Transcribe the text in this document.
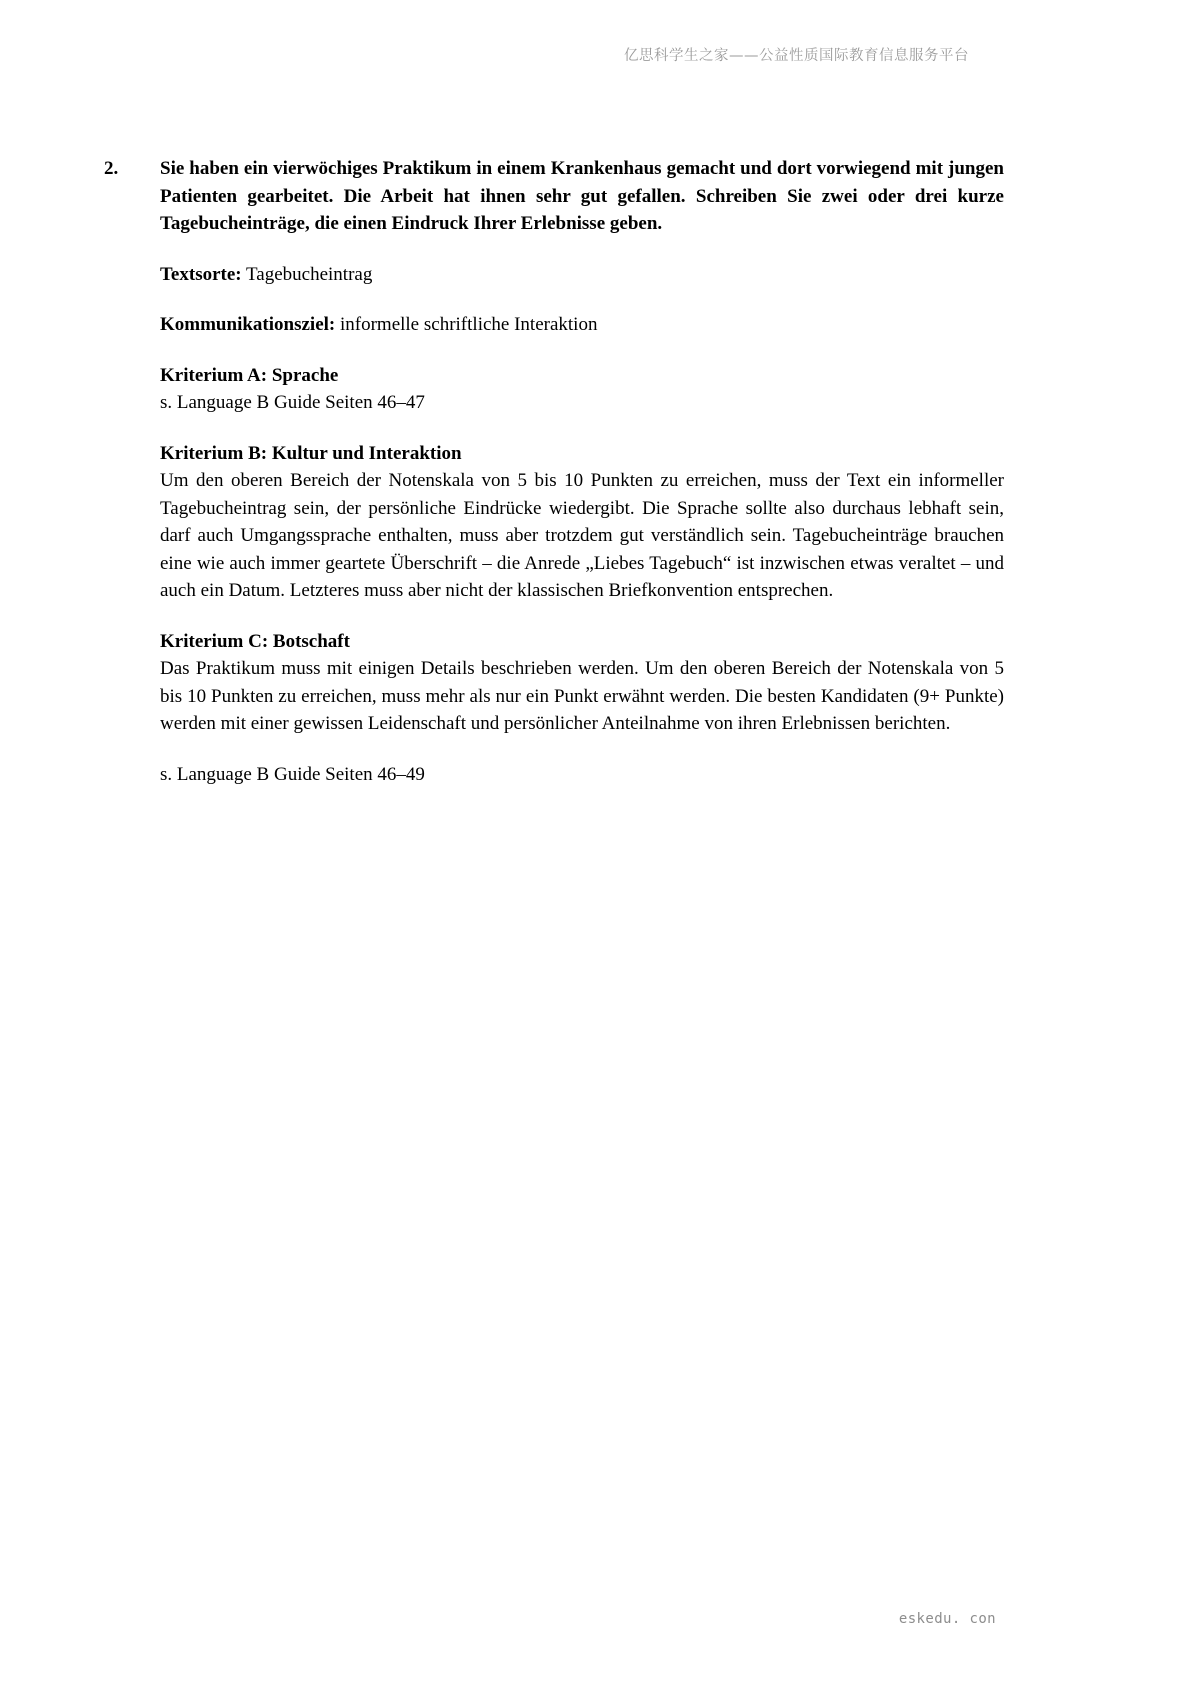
亿思科学生之家——公益性质国际教育信息服务平台
2.	Sie haben ein vierwöchiges Praktikum in einem Krankenhaus gemacht und dort vorwiegend mit jungen Patienten gearbeitet. Die Arbeit hat ihnen sehr gut gefallen. Schreiben Sie zwei oder drei kurze Tagebucheinträge, die einen Eindruck Ihrer Erlebnisse geben.

Textsorte: Tagebucheintrag
Kommunikationsziel: informelle schriftliche Interaktion

Kriterium A: Sprache

s. Language B Guide Seiten 46–47

Kriterium B: Kultur und Interaktion

Um den oberen Bereich der Notenskala von 5 bis 10 Punkten zu erreichen, muss der Text ein informeller Tagebucheintrag sein, der persönliche Eindrücke wiedergibt. Die Sprache sollte also durchaus lebhaft sein, darf auch Umgangssprache enthalten, muss aber trotzdem gut verständlich sein. Tagebucheinträge brauchen eine wie auch immer geartete Überschrift – die Anrede „Liebes Tagebuch“ ist inzwischen etwas veraltet – und auch ein Datum. Letzteres muss aber nicht der klassischen Briefkonvention entsprechen.

Kriterium C: Botschaft

Das Praktikum muss mit einigen Details beschrieben werden. Um den oberen Bereich der Notenskala von 5 bis 10 Punkten zu erreichen, muss mehr als nur ein Punkt erwähnt werden. Die besten Kandidaten (9+ Punkte) werden mit einer gewissen Leidenschaft und persönlicher Anteilnahme von ihren Erlebnissen berichten.

s. Language B Guide Seiten 46–49

eskedu. con
